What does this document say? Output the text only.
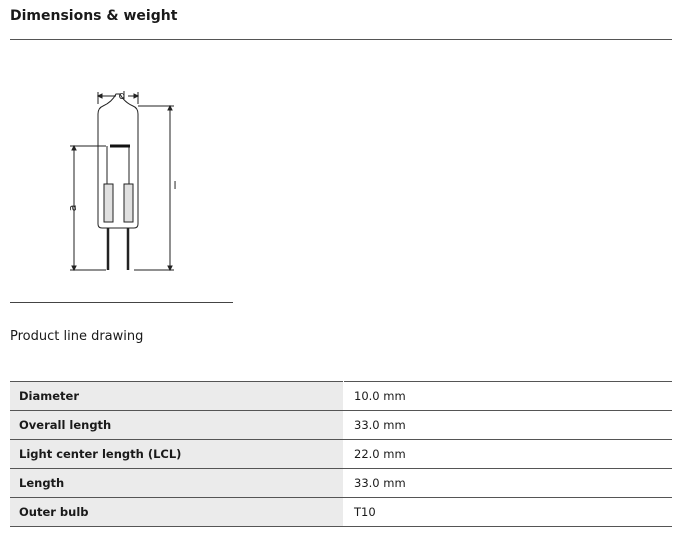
Dimensions & weight
d
l
a
Product line drawing
Diameter	10.0 mm
Overall length	33.0 mm
Light center length (LCL)	22.0 mm
Length	33.0 mm
Outer bulb	T10
